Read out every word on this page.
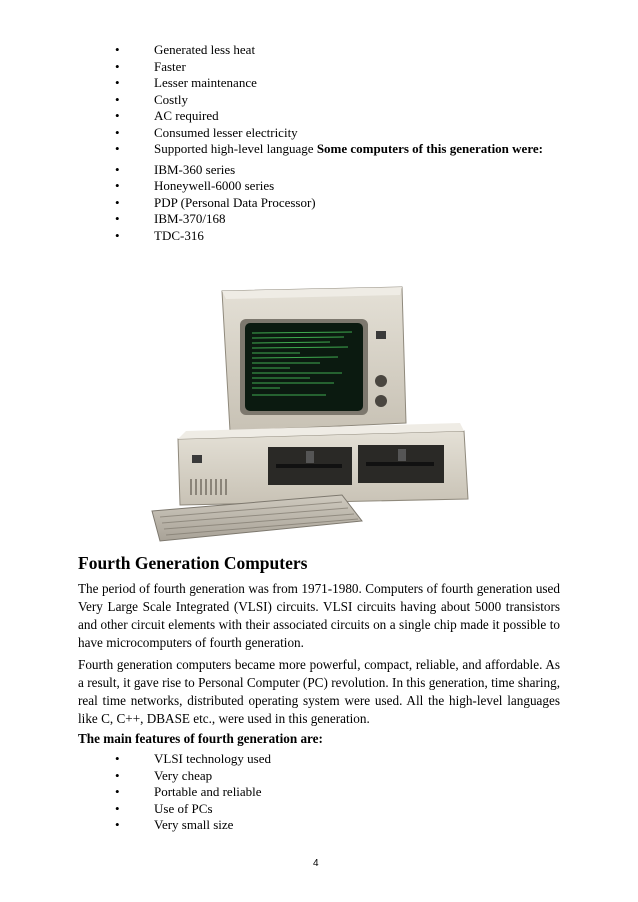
•	Generated less heat
•	Faster
•	Lesser maintenance
•	Costly
•	AC required
•	Consumed lesser electricity
•	Supported high-level language Some computers of this generation were:
•	IBM-360 series
•	Honeywell-6000 series
•	PDP (Personal Data Processor)
•	IBM-370/168
•	TDC-316
Fourth Generation Computers

The period of fourth generation was from 1971-1980. Computers of fourth generation used Very Large Scale Integrated (VLSI) circuits. VLSI circuits having about 5000 transistors and other circuit elements with their associated circuits on a single chip made it possible to have microcomputers of fourth generation.

Fourth generation computers became more powerful, compact, reliable, and affordable. As a result, it gave rise to Personal Computer (PC) revolution. In this generation, time sharing, real time networks, distributed operating system were used. All the high-level languages like C, C++, DBASE etc., were used in this generation.

The main features of fourth generation are:

•	VLSI technology used
•	Very cheap
•	Portable and reliable
•	Use of PCs
•	Very small size
4
